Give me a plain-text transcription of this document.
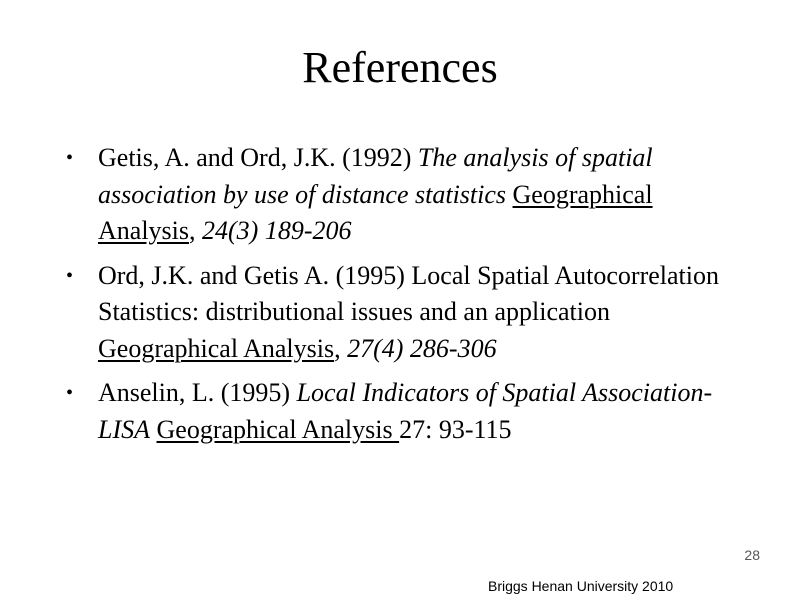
References
• Getis, A. and Ord, J.K. (1992) The analysis of spatial association by use of distance statistics Geographical Analysis, 24(3) 189-206
• Ord, J.K. and Getis A. (1995) Local Spatial Autocorrelation Statistics: distributional issues and an application Geographical Analysis, 27(4) 286-306
• Anselin, L. (1995) Local Indicators of Spatial Association-LISA Geographical Analysis 27: 93-115
28
Briggs Henan University 2010
